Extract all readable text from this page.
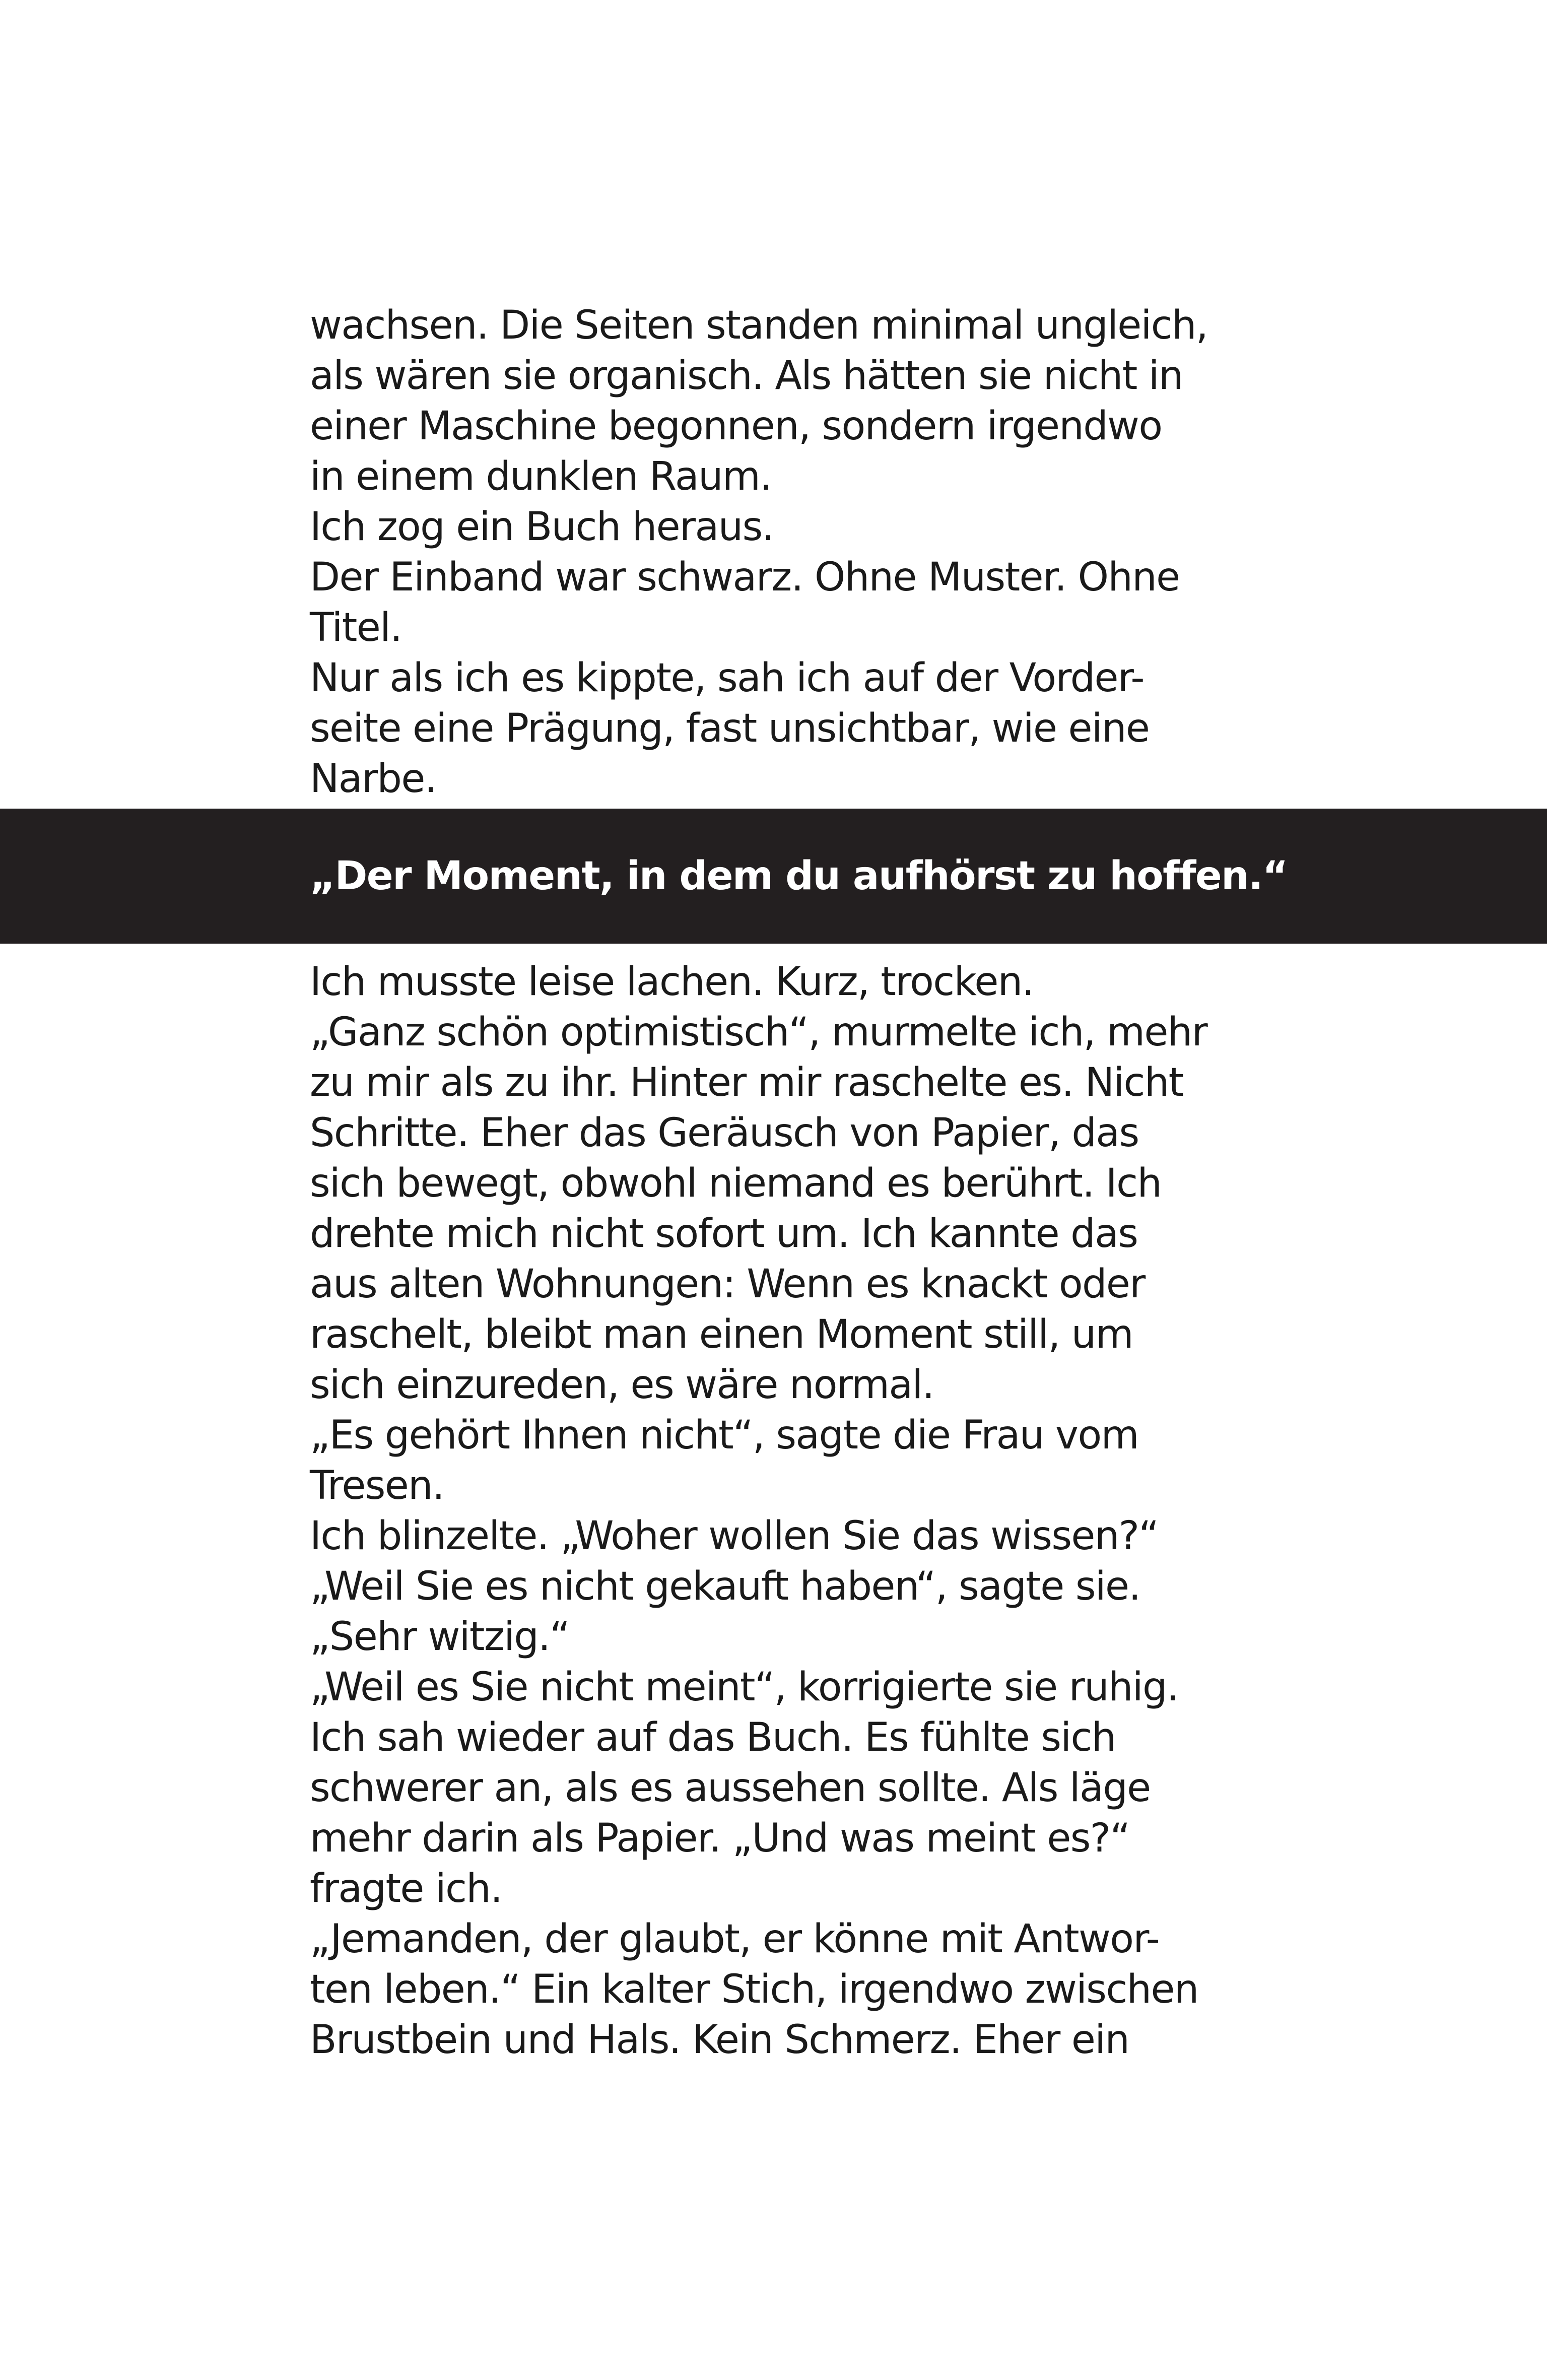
wachsen. Die Seiten standen minimal ungleich,
als wären sie organisch. Als hätten sie nicht in
einer Maschine begonnen, sondern irgendwo
in einem dunklen Raum.
Ich zog ein Buch heraus.
Der Einband war schwarz. Ohne Muster. Ohne
Titel.
Nur als ich es kippte, sah ich auf der Vorder-
seite eine Prägung, fast unsichtbar, wie eine
Narbe.
„Der Moment, in dem du aufhörst zu hoffen.“
Ich musste leise lachen. Kurz, trocken.
„Ganz schön optimistisch“, murmelte ich, mehr
zu mir als zu ihr. Hinter mir raschelte es. Nicht
Schritte. Eher das Geräusch von Papier, das
sich bewegt, obwohl niemand es berührt. Ich
drehte mich nicht sofort um. Ich kannte das
aus alten Wohnungen: Wenn es knackt oder
raschelt, bleibt man einen Moment still, um
sich einzureden, es wäre normal.
„Es gehört Ihnen nicht“, sagte die Frau vom
Tresen.
Ich blinzelte. „Woher wollen Sie das wissen?“
„Weil Sie es nicht gekauft haben“, sagte sie.
„Sehr witzig.“
„Weil es Sie nicht meint“, korrigierte sie ruhig.
Ich sah wieder auf das Buch. Es fühlte sich
schwerer an, als es aussehen sollte. Als läge
mehr darin als Papier. „Und was meint es?“
fragte ich.
„Jemanden, der glaubt, er könne mit Antwor-
ten leben.“ Ein kalter Stich, irgendwo zwischen
Brustbein und Hals. Kein Schmerz. Eher ein
